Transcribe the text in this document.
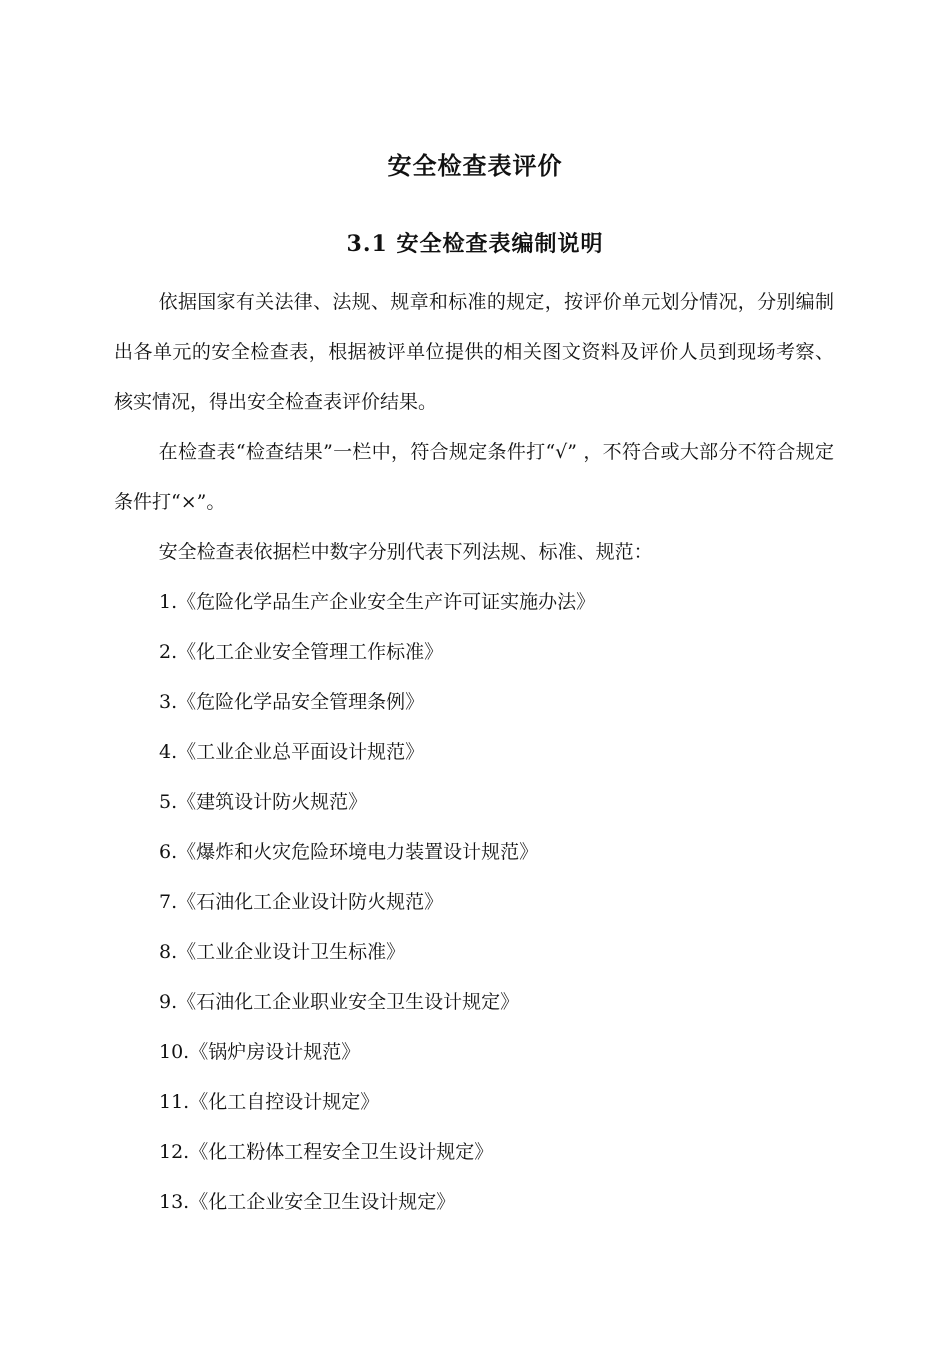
安全检查表评价
3.1 安全检查表编制说明

依据国家有关法律、法规、规章和标准的规定，按评价单元划分情况，分别编制出各单元的安全检查表，根据被评单位提供的相关图文资料及评价人员到现场考察、核实情况，得出安全检查表评价结果。

在检查表“检查结果”一栏中，符合规定条件打“√” ，不符合或大部分不符合规定条件打“×”。

安全检查表依据栏中数字分别代表下列法规、标准、规范：

1.《危险化学品生产企业安全生产许可证实施办法》
2.《化工企业安全管理工作标准》
3.《危险化学品安全管理条例》
4.《工业企业总平面设计规范》
5.《建筑设计防火规范》
6.《爆炸和火灾危险环境电力装置设计规范》
7.《石油化工企业设计防火规范》
8.《工业企业设计卫生标准》
9.《石油化工企业职业安全卫生设计规定》
10.《锅炉房设计规范》
11.《化工自控设计规定》
12.《化工粉体工程安全卫生设计规定》
13.《化工企业安全卫生设计规定》
